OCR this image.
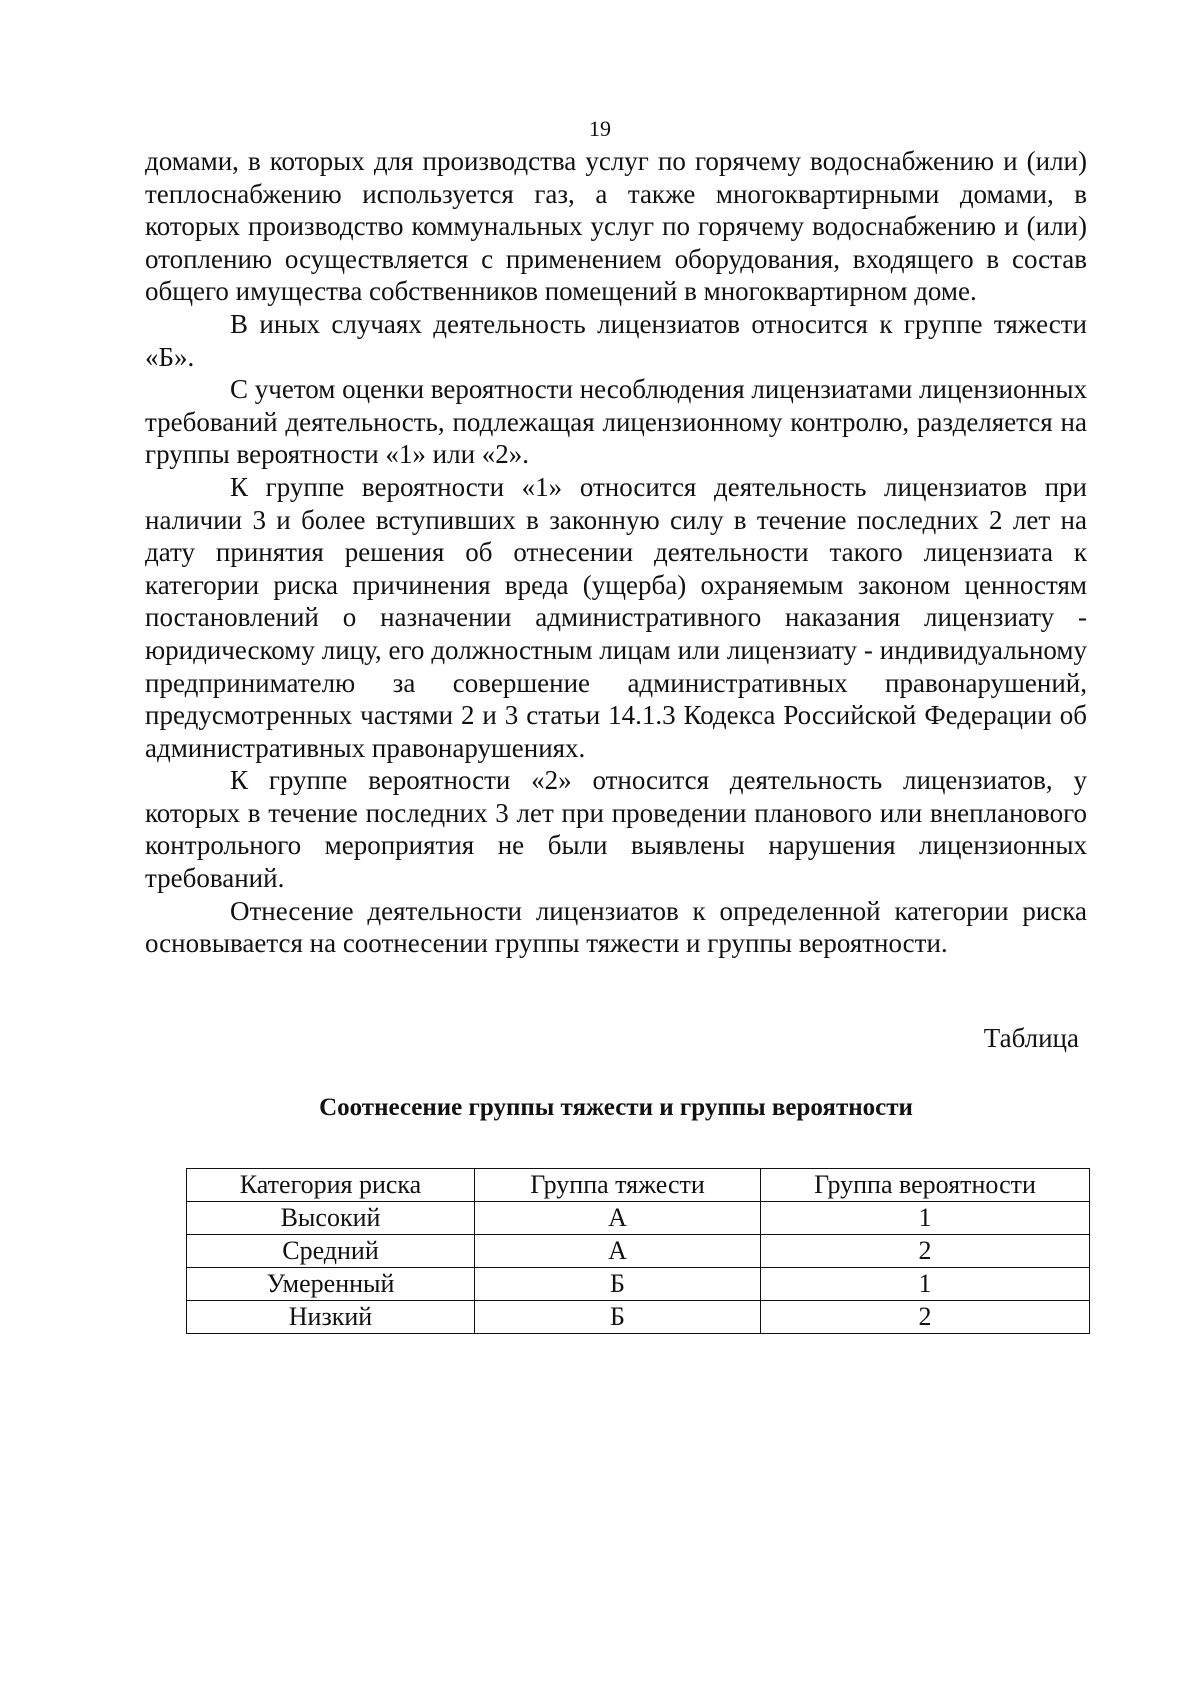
19

домами, в которых для производства услуг по горячему водоснабжению и (или) теплоснабжению используется газ, а также многоквартирными домами, в которых производство коммунальных услуг по горячему водоснабжению и (или) отоплению осуществляется с применением оборудования, входящего в состав общего имущества собственников помещений в многоквартирном доме.

В иных случаях деятельность лицензиатов относится к группе тяжести «Б».

С учетом оценки вероятности несоблюдения лицензиатами лицензионных требований деятельность, подлежащая лицензионному контролю, разделяется на группы вероятности «1» или «2».

К группе вероятности «1» относится деятельность лицензиатов при наличии 3 и более вступивших в законную силу в течение последних 2 лет на дату принятия решения об отнесении деятельности такого лицензиата к категории риска причинения вреда (ущерба) охраняемым законом ценностям постановлений о назначении административного наказания лицензиату - юридическому лицу, его должностным лицам или лицензиату - индивидуальному предпринимателю за совершение административных правонарушений, предусмотренных частями 2 и 3 статьи 14.1.3 Кодекса Российской Федерации об административных правонарушениях.

К группе вероятности «2» относится деятельность лицензиатов, у которых в течение последних 3 лет при проведении планового или внепланового контрольного мероприятия не были выявлены нарушения лицензионных требований.

Отнесение деятельности лицензиатов к определенной категории риска основывается на соотнесении группы тяжести и группы вероятности.

Таблица
Соотнесение группы тяжести и группы вероятности
Категория риска	Группа тяжести	Группа вероятности
Высокий	А	1
Средний	А	2
Умеренный	Б	1
Низкий	Б	2
